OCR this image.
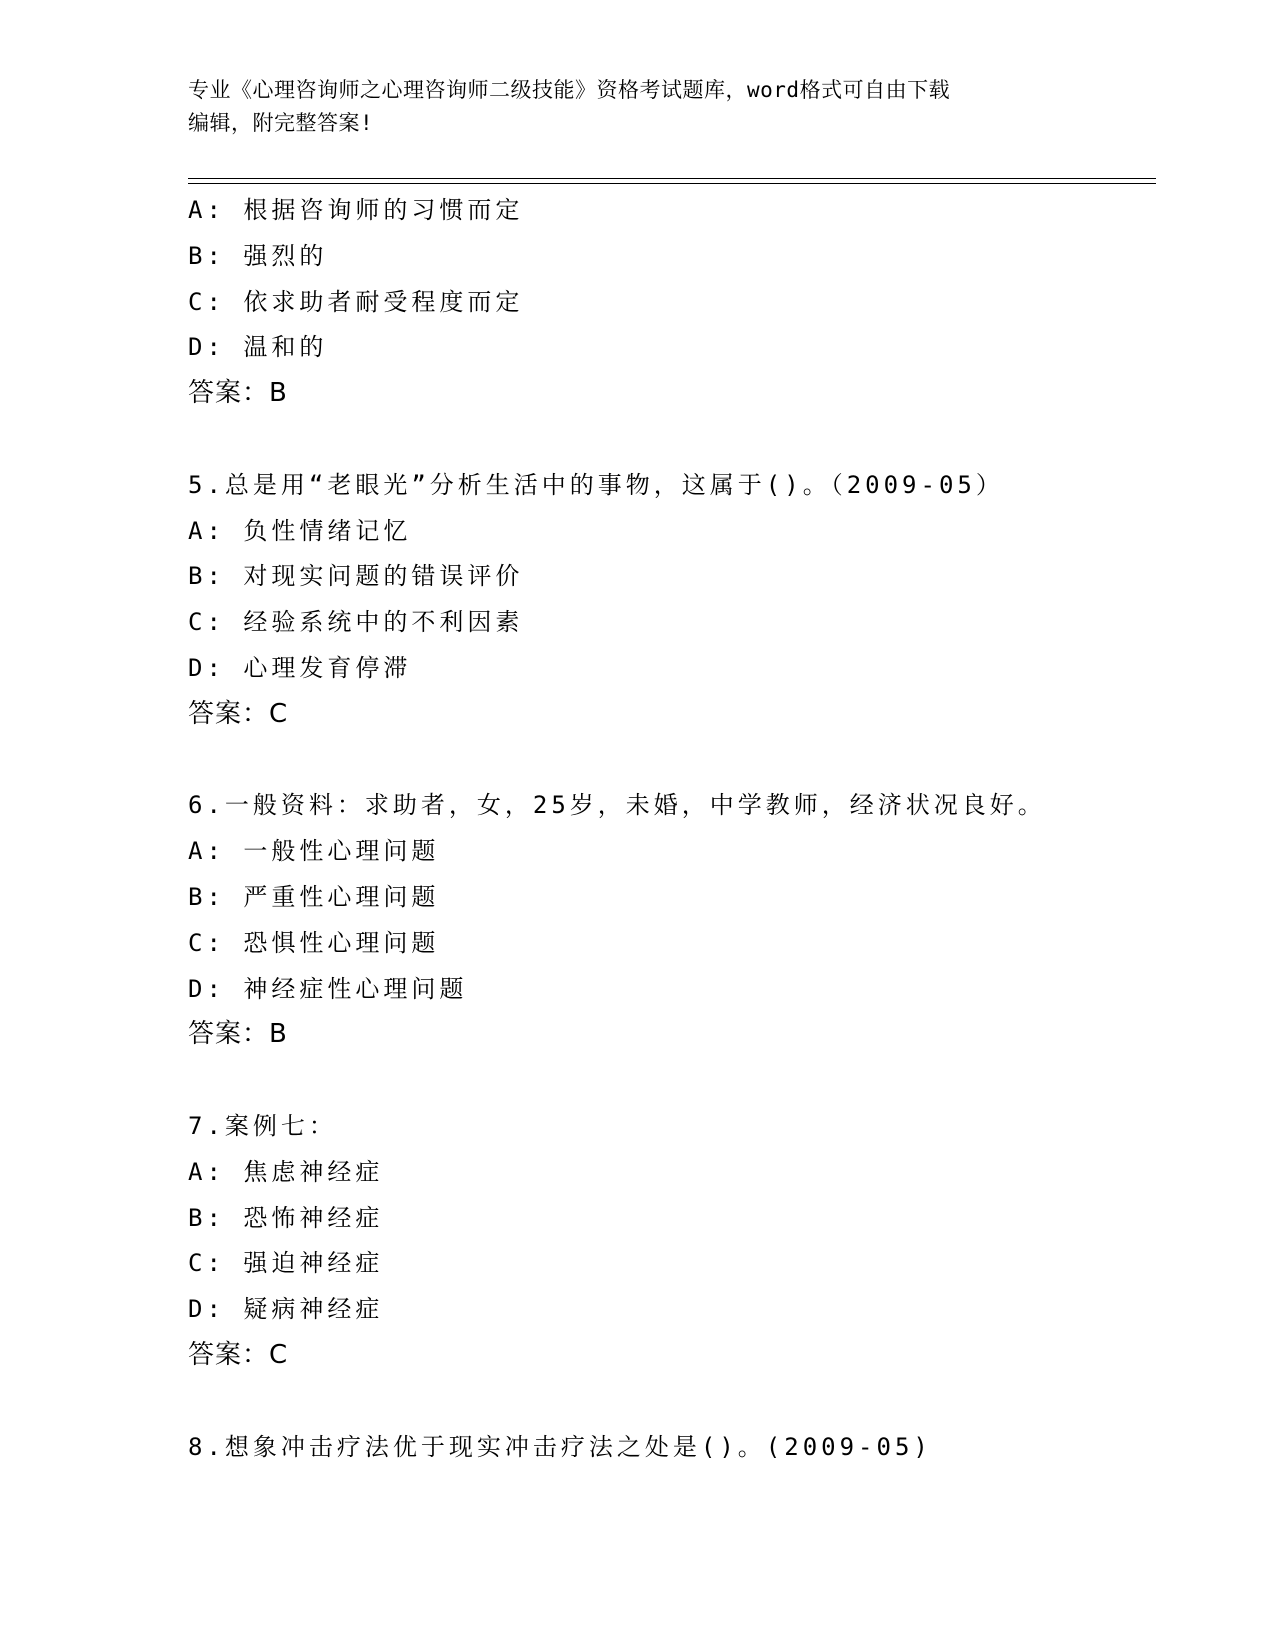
专业《心理咨询师之心理咨询师二级技能》资格考试题库，word格式可自由下载
编辑，附完整答案!
A: 根据咨询师的习惯而定
B: 强烈的
C: 依求助者耐受程度而定
D: 温和的
答案：B
5.总是用“老眼光”分析生活中的事物，这属于()。（2009-05）
A: 负性情绪记忆
B: 对现实问题的错误评价
C: 经验系统中的不利因素
D: 心理发育停滞
答案：C
6.一般资料：求助者，女，25岁，未婚，中学教师，经济状况良好。
A: 一般性心理问题
B: 严重性心理问题
C: 恐惧性心理问题
D: 神经症性心理问题
答案：B
7.案例七：
A: 焦虑神经症
B: 恐怖神经症
C: 强迫神经症
D: 疑病神经症
答案：C
8.想象冲击疗法优于现实冲击疗法之处是()。(2009-05)
